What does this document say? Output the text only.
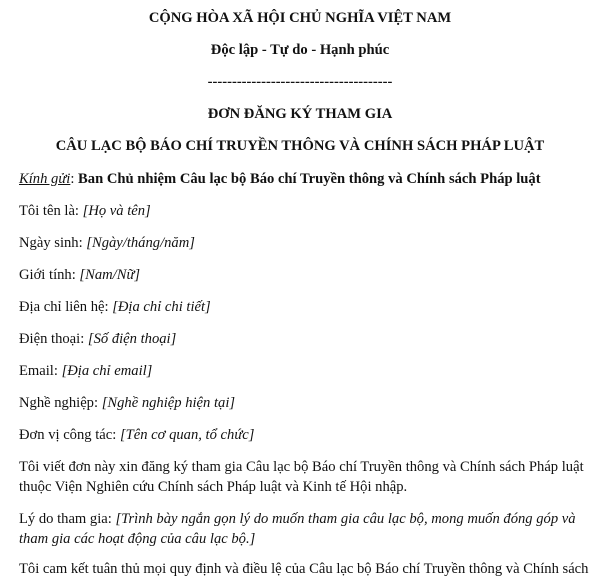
CỘNG HÒA XÃ HỘI CHỦ NGHĨA VIỆT NAM
Độc lập - Tự do - Hạnh phúc
--------------------------------------
ĐƠN ĐĂNG KÝ THAM GIA
CÂU LẠC BỘ BÁO CHÍ TRUYỀN THÔNG VÀ CHÍNH SÁCH PHÁP LUẬT
Kính gửi: Ban Chủ nhiệm Câu lạc bộ Báo chí Truyền thông và Chính sách Pháp luật
Tôi tên là: [Họ và tên]
Ngày sinh: [Ngày/tháng/năm]
Giới tính: [Nam/Nữ]
Địa chỉ liên hệ: [Địa chỉ chi tiết]
Điện thoại: [Số điện thoại]
Email: [Địa chỉ email]
Nghề nghiệp: [Nghề nghiệp hiện tại]
Đơn vị công tác: [Tên cơ quan, tổ chức]
Tôi viết đơn này xin đăng ký tham gia Câu lạc bộ Báo chí Truyền thông và Chính sách Pháp luật
thuộc Viện Nghiên cứu Chính sách Pháp luật và Kinh tế Hội nhập.
Lý do tham gia: [Trình bày ngắn gọn lý do muốn tham gia câu lạc bộ, mong muốn đóng góp và
tham gia các hoạt động của câu lạc bộ.]
Tôi cam kết tuân thủ mọi quy định và điều lệ của Câu lạc bộ Báo chí Truyền thông và Chính sách
